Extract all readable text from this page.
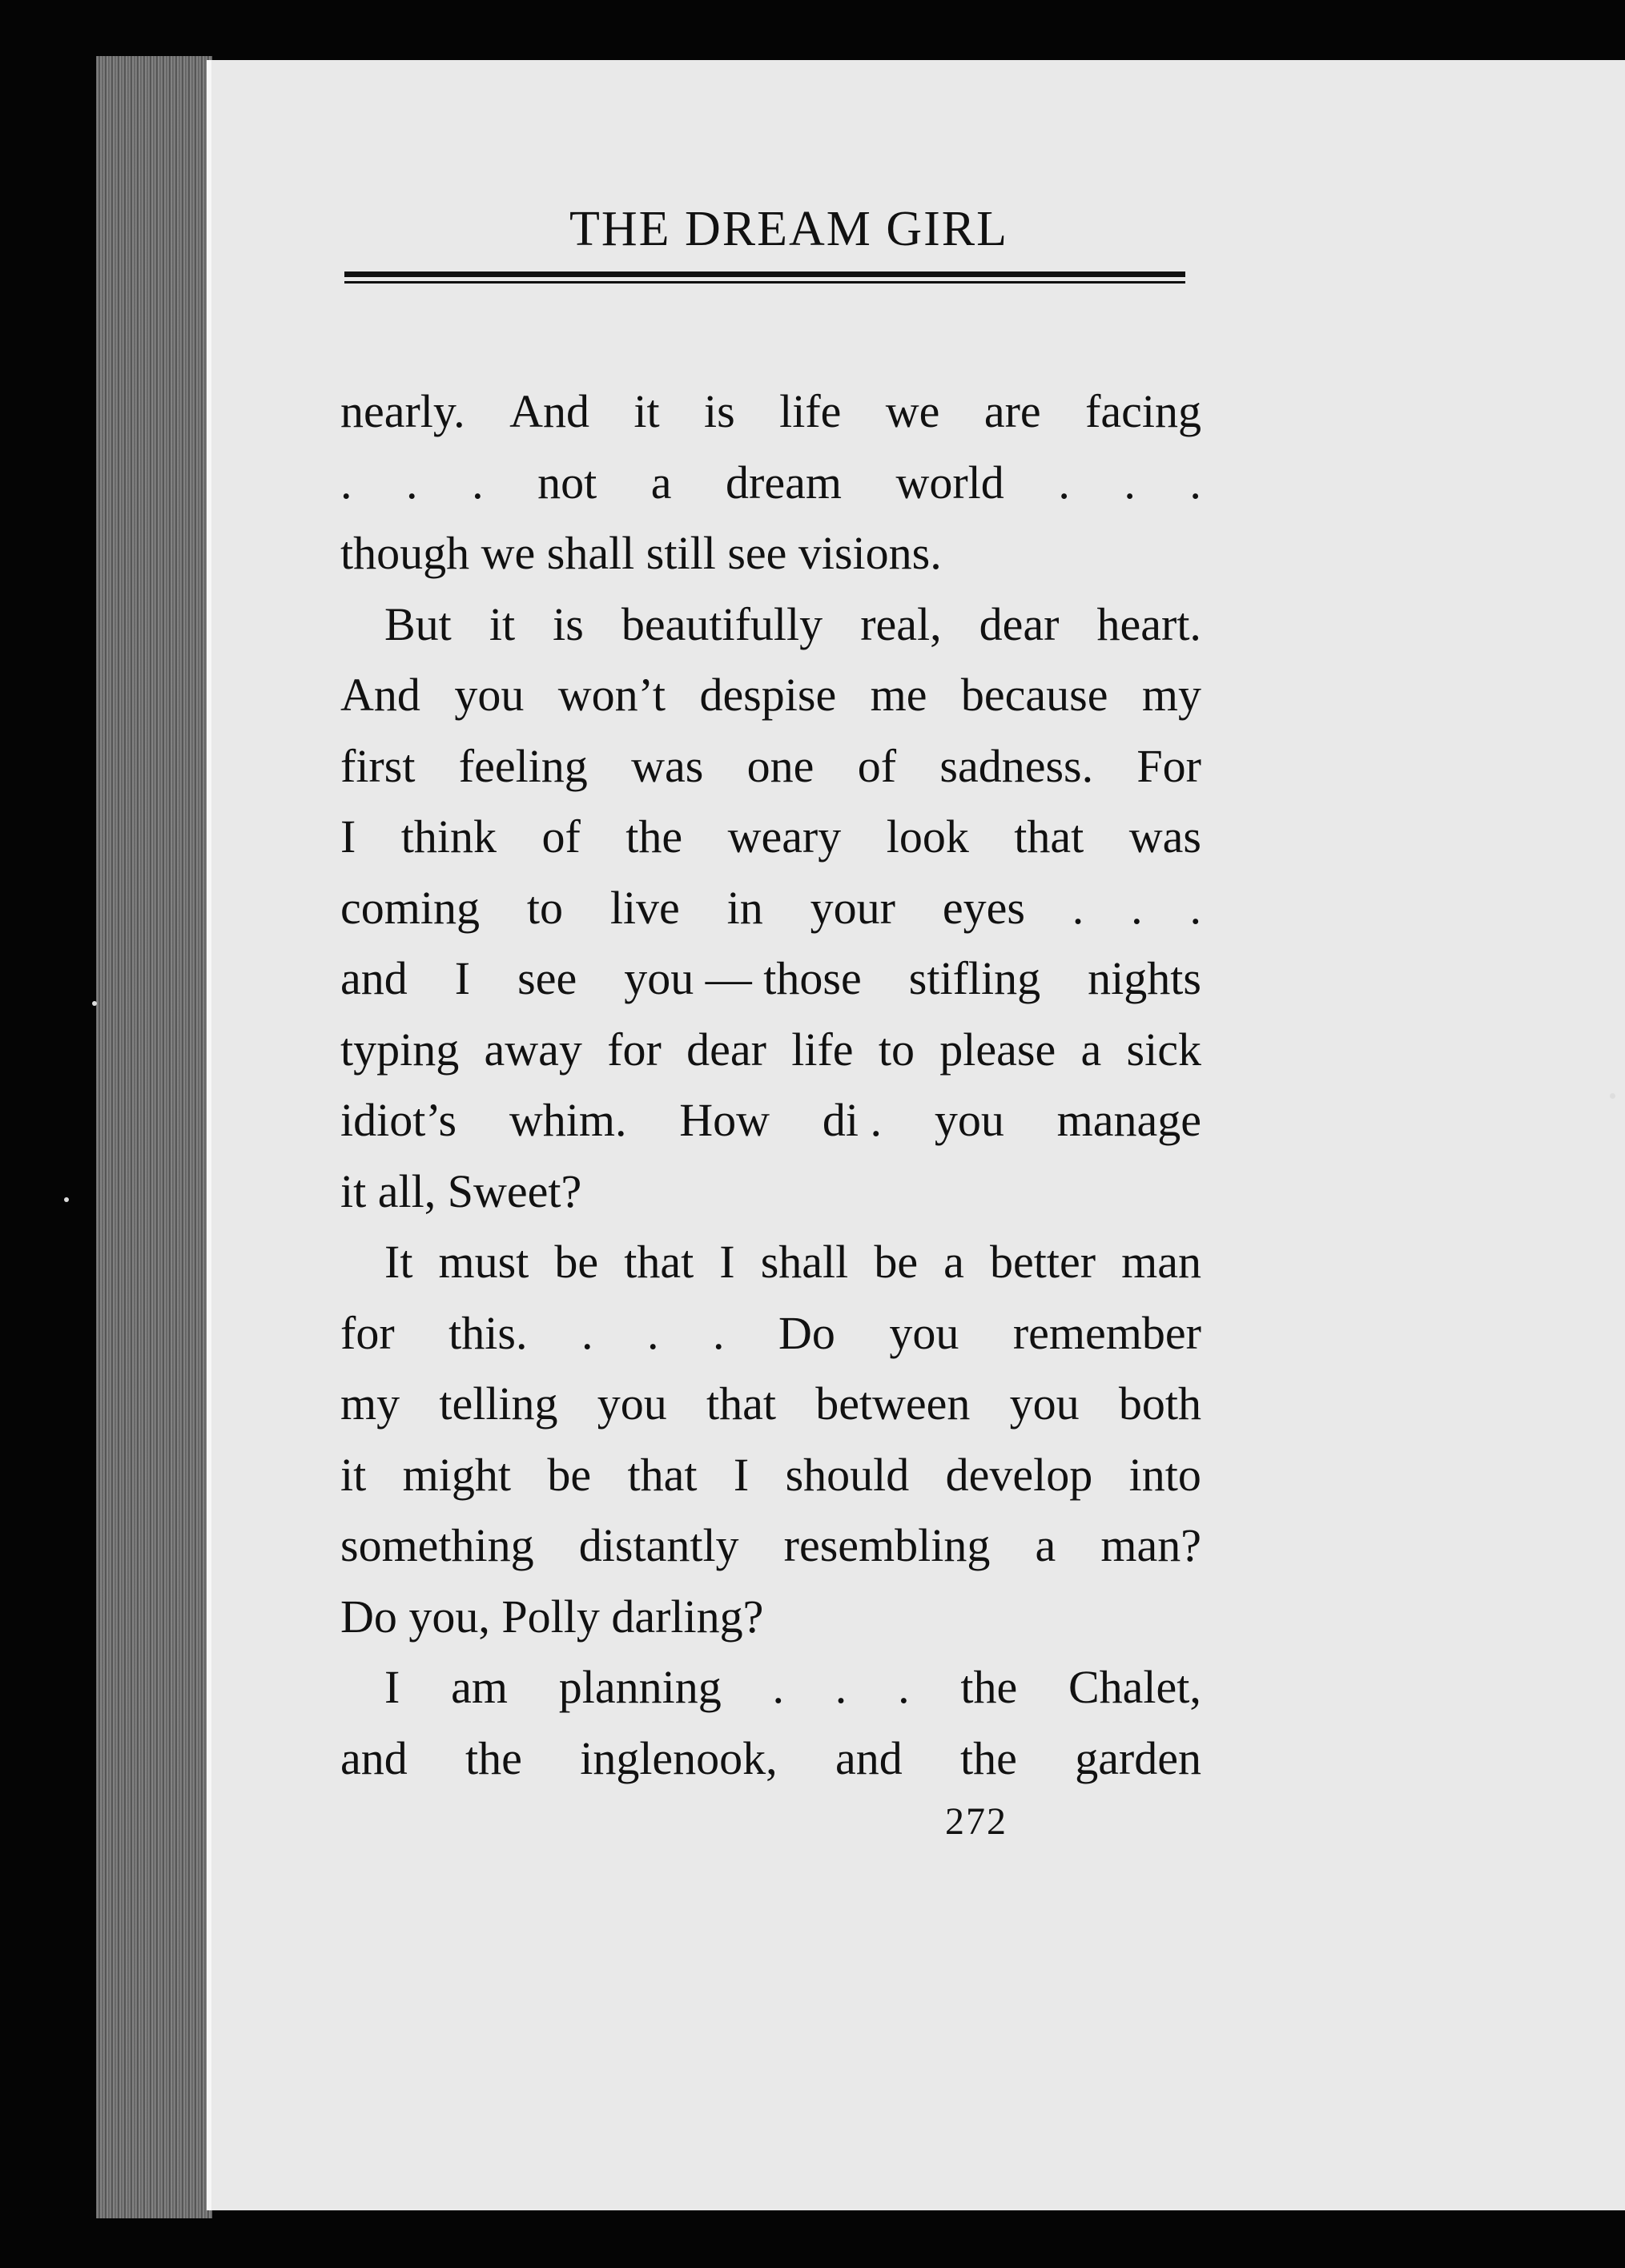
THE DREAM GIRL
nearly. And it is life we are facing
. . . not a dream world . . .
though we shall still see visions.
But it is beautifully real, dear heart.
And you won’t despise me because my
first feeling was one of sadness. For
I think of the weary look that was
coming to live in your eyes . . .
and I see you — those stifling nights
typing away for dear life to please a sick
idiot’s whim. How di . you manage
it all, Sweet?
It must be that I shall be a better man
for this. . . . Do you remember
my telling you that between you both
it might be that I should develop into
something distantly resembling a man?
Do you, Polly darling?
I am planning . . . the Chalet,
and the inglenook, and the garden
272
